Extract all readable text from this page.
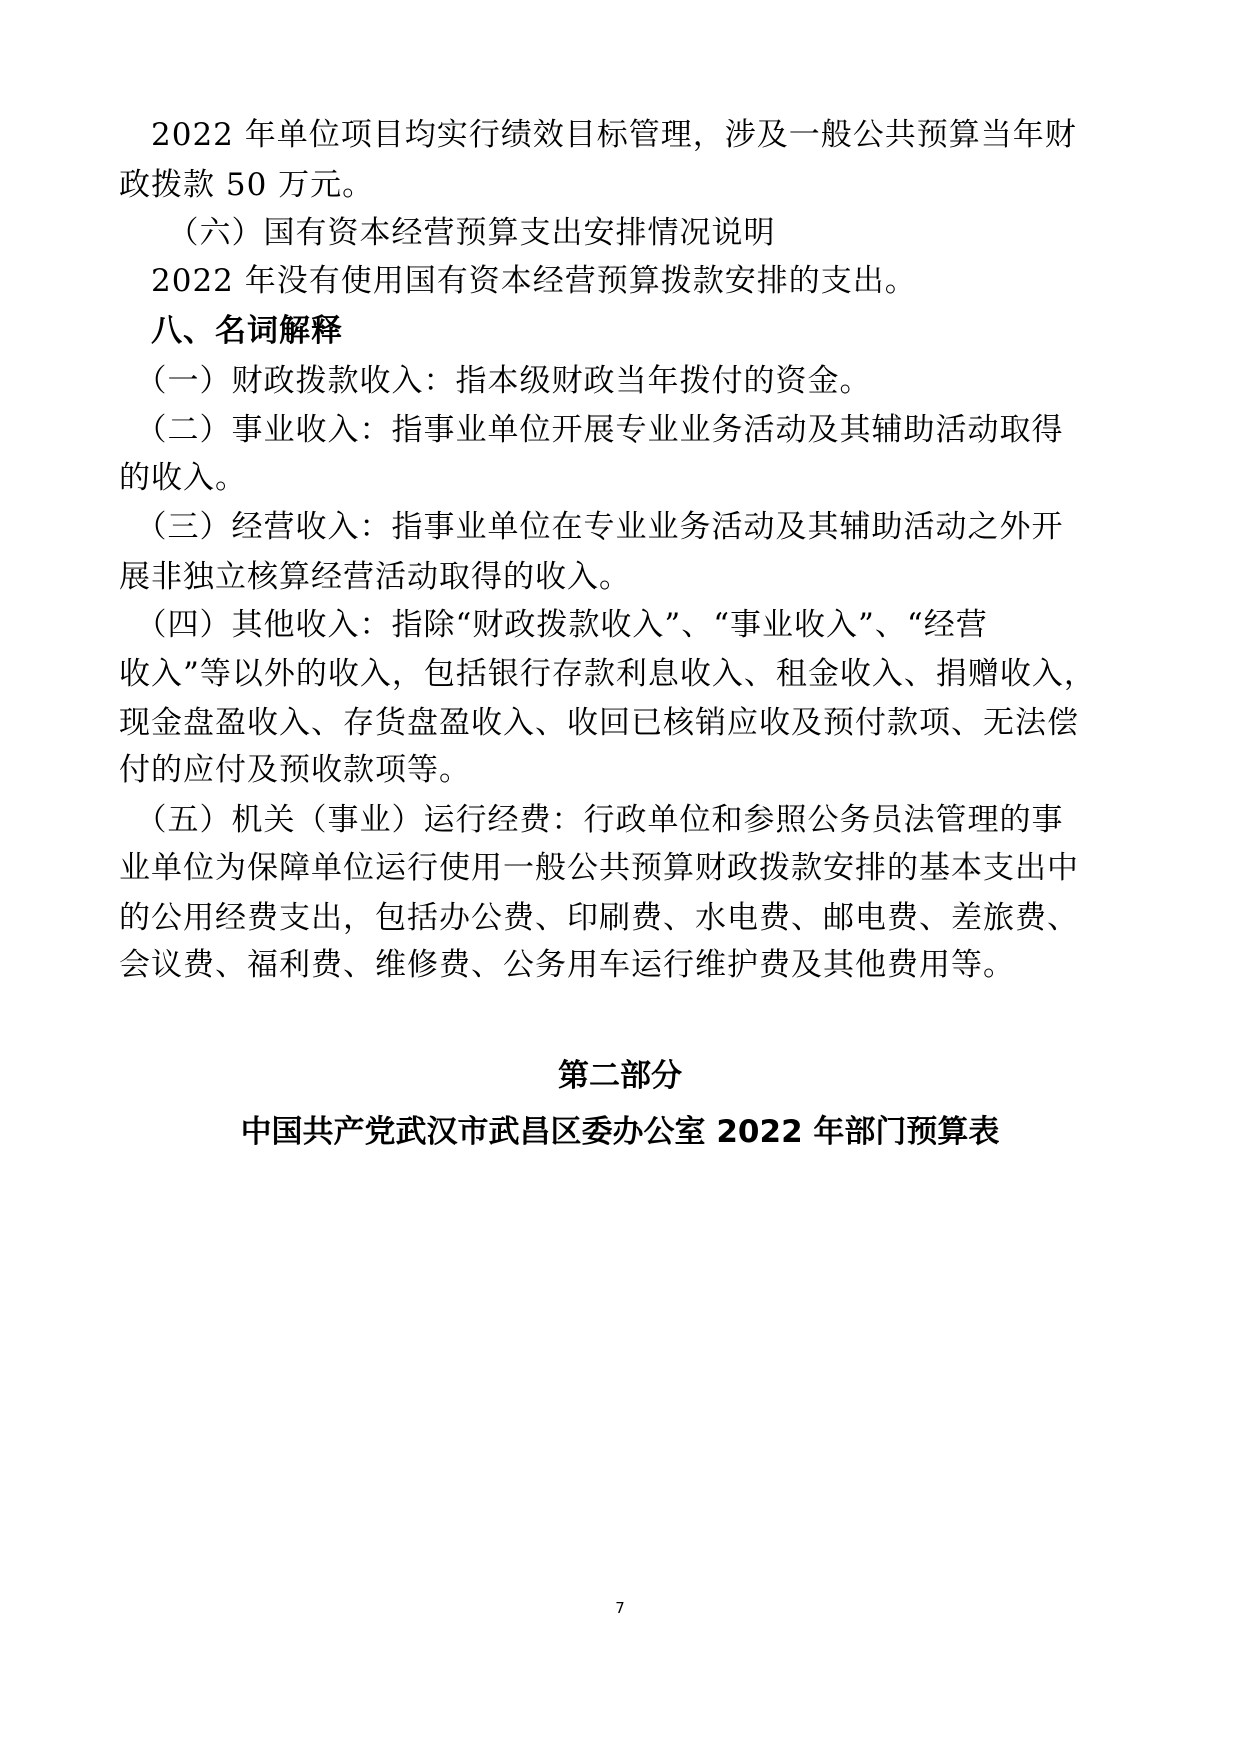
　2022 年单位项目均实行绩效目标管理，涉及一般公共预算当年财
政拨款 50 万元。
　　（六）国有资本经营预算支出安排情况说明
　2022 年没有使用国有资本经营预算拨款安排的支出。
　八、名词解释
　（一）财政拨款收入：指本级财政当年拨付的资金。
　（二）事业收入：指事业单位开展专业业务活动及其辅助活动取得
的收入。
　（三）经营收入：指事业单位在专业业务活动及其辅助活动之外开
展非独立核算经营活动取得的收入。
　（四）其他收入：指除“财政拨款收入”、“事业收入”、“经营
收入”等以外的收入，包括银行存款利息收入、租金收入、捐赠收入，
现金盘盈收入、存货盘盈收入、收回已核销应收及预付款项、无法偿
付的应付及预收款项等。
　（五）机关（事业）运行经费：行政单位和参照公务员法管理的事
业单位为保障单位运行使用一般公共预算财政拨款安排的基本支出中
的公用经费支出，包括办公费、印刷费、水电费、邮电费、差旅费、
会议费、福利费、维修费、公务用车运行维护费及其他费用等。
第二部分
中国共产党武汉市武昌区委办公室 2022 年部门预算表
7
